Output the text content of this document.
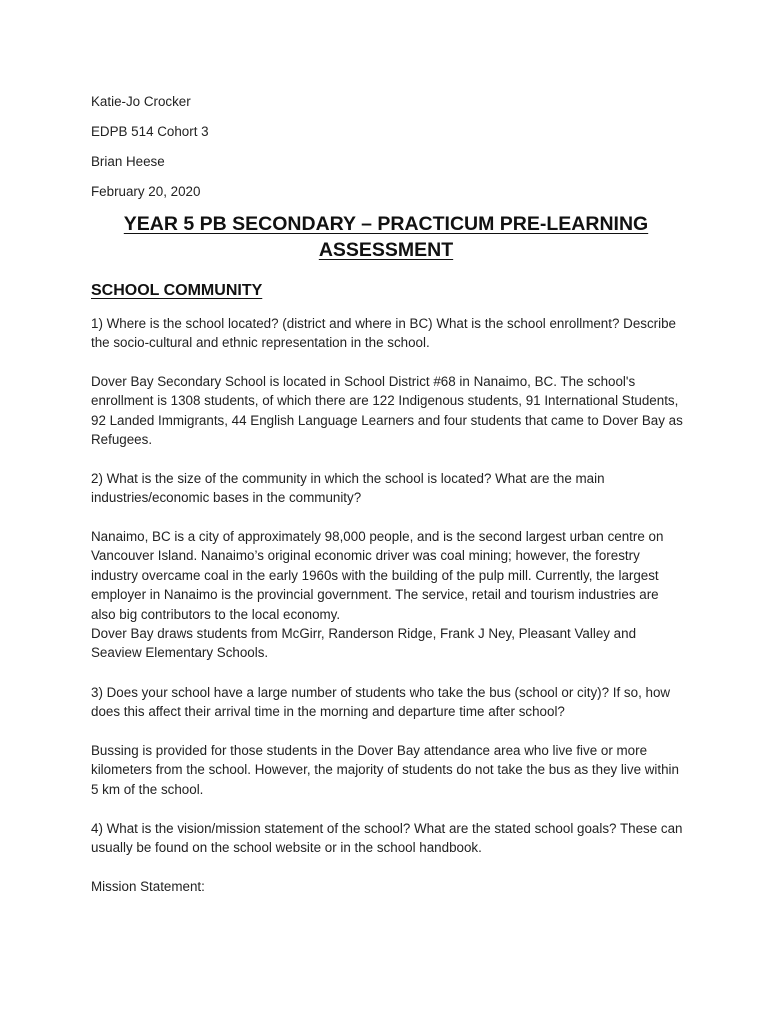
Katie-Jo Crocker
EDPB 514 Cohort 3
Brian Heese
February 20, 2020
YEAR 5 PB SECONDARY – PRACTICUM PRE-LEARNING ASSESSMENT
SCHOOL COMMUNITY

1) Where is the school located? (district and where in BC) What is the school enrollment? Describe the socio-cultural and ethnic representation in the school.

Dover Bay Secondary School is located in School District #68 in Nanaimo, BC. The school's enrollment is 1308 students, of which there are 122 Indigenous students, 91 International Students, 92 Landed Immigrants, 44 English Language Learners and four students that came to Dover Bay as Refugees.

2) What is the size of the community in which the school is located? What are the main industries/economic bases in the community?

Nanaimo, BC is a city of approximately 98,000 people, and is the second largest urban centre on Vancouver Island. Nanaimo’s original economic driver was coal mining; however, the forestry industry overcame coal in the early 1960s with the building of the pulp mill. Currently, the largest employer in Nanaimo is the provincial government. The service, retail and tourism industries are also big contributors to the local economy.

Dover Bay draws students from McGirr, Randerson Ridge, Frank J Ney, Pleasant Valley and Seaview Elementary Schools.

3) Does your school have a large number of students who take the bus (school or city)? If so, how does this affect their arrival time in the morning and departure time after school?

Bussing is provided for those students in the Dover Bay attendance area who live five or more kilometers from the school. However, the majority of students do not take the bus as they live within 5 km of the school.

4) What is the vision/mission statement of the school? What are the stated school goals? These can usually be found on the school website or in the school handbook.

Mission Statement:
